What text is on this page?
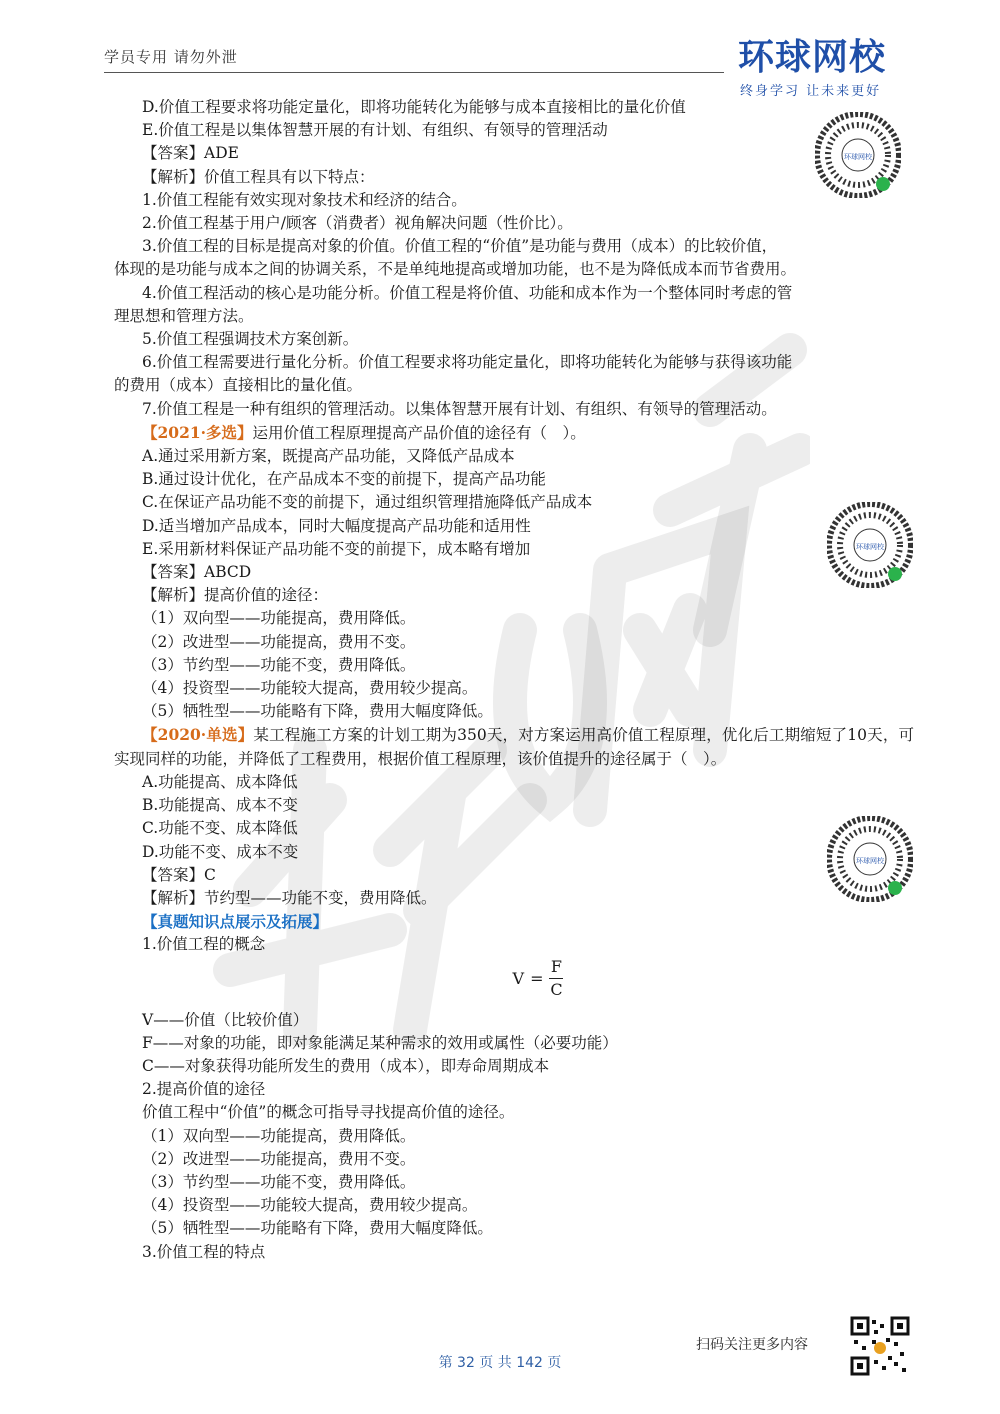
学员专用 请勿外泄	环球网校
终身学习 让未来更好
D.价值工程要求将功能定量化，即将功能转化为能够与成本直接相比的量化价值
E.价值工程是以集体智慧开展的有计划、有组织、有领导的管理活动
【答案】ADE
【解析】价值工程具有以下特点：
1.价值工程能有效实现对象技术和经济的结合。
2.价值工程基于用户/顾客（消费者）视角解决问题（性价比）。
3.价值工程的目标是提高对象的价值。价值工程的“价值”是功能与费用（成本）的比较价值，
体现的是功能与成本之间的协调关系，不是单纯地提高或增加功能，也不是为降低成本而节省费用。
4.价值工程活动的核心是功能分析。价值工程是将价值、功能和成本作为一个整体同时考虑的管
理思想和管理方法。
5.价值工程强调技术方案创新。
6.价值工程需要进行量化分析。价值工程要求将功能定量化，即将功能转化为能够与获得该功能
的费用（成本）直接相比的量化值。
7.价值工程是一种有组织的管理活动。以集体智慧开展有计划、有组织、有领导的管理活动。
【2021·多选】运用价值工程原理提高产品价值的途径有（　）。
A.通过采用新方案，既提高产品功能，又降低产品成本
B.通过设计优化，在产品成本不变的前提下，提高产品功能
C.在保证产品功能不变的前提下，通过组织管理措施降低产品成本
D.适当增加产品成本，同时大幅度提高产品功能和适用性
E.采用新材料保证产品功能不变的前提下，成本略有增加
【答案】ABCD
【解析】提高价值的途径：
（1）双向型——功能提高，费用降低。
（2）改进型——功能提高，费用不变。
（3）节约型——功能不变，费用降低。
（4）投资型——功能较大提高，费用较少提高。
（5）牺牲型——功能略有下降，费用大幅度降低。
【2020·单选】某工程施工方案的计划工期为350天，对方案运用高价值工程原理，优化后工期缩短了10天，可实现同样的功能，并降低了工程费用，根据价值工程原理，该价值提升的途径属于（　）。
A.功能提高、成本降低
B.功能提高、成本不变
C.功能不变、成本降低
D.功能不变、成本不变
【答案】C
【解析】节约型——功能不变，费用降低。
【真题知识点展示及拓展】
1.价值工程的概念
V =
F
C
V——价值（比较价值）
F——对象的功能，即对象能满足某种需求的效用或属性（必要功能）
C——对象获得功能所发生的费用（成本），即寿命周期成本
2.提高价值的途径
价值工程中“价值”的概念可指导寻找提高价值的途径。
（1）双向型——功能提高，费用降低。
（2）改进型——功能提高，费用不变。
（3）节约型——功能不变，费用降低。
（4）投资型——功能较大提高，费用较少提高。
（5）牺牲型——功能略有下降，费用大幅度降低。
3.价值工程的特点
环球网校
环球网校
环球网校
扫码关注更多内容
第 32 页 共 142 页
